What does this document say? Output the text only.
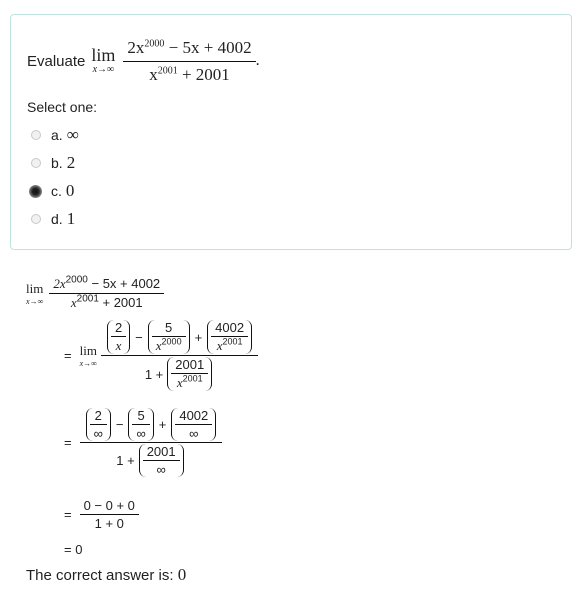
Evaluate lim
$x\to\infty \frac{2x^{2000} - 5x + 4002}{x^{2001} + 2001}$ .
Select one:
a. ∞
b. 2
c. 0
d. 1
lim
$x\to\infty \frac{2x^{2000} - 5x + 4002}{x^{2001} + 2001}$
= lim
$x\to\infty \frac{\frac{2}{x} - \frac{5}{x^{2000}} + \frac{4002}{x^{2001}}}{1 + \frac{2001}{x^{2001}}}$
= $\frac{\frac{2}{\infty} - \frac{5}{\infty} + \frac{4002}{\infty}}{1 + \frac{2001}{\infty}}$
= $\frac{0 - 0 + 0}{1 + 0}$
= 0
The correct answer is: 0
